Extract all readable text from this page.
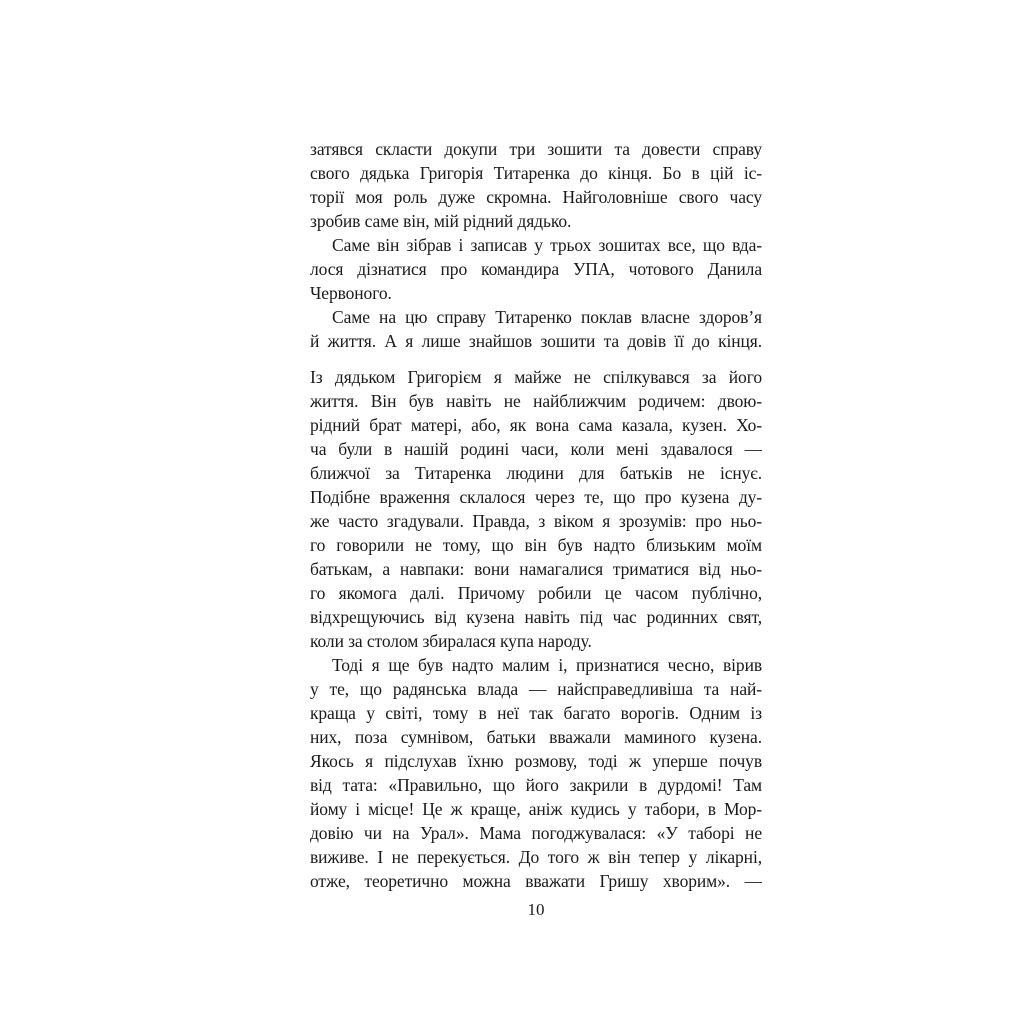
затявся скласти докупи три зошити та довести справу
свого дядька Григорія Титаренка до кінця. Бо в цій іс-
торії моя роль дуже скромна. Найголовніше свого часу
зробив саме він, мій рідний дядько.
Саме він зібрав і записав у трьох зошитах все, що вда-
лося дізнатися про командира УПА, чотового Данила
Червоного.
Саме на цю справу Титаренко поклав власне здоров’я
й життя. А я лише знайшов зошити та довів її до кінця.
Із дядьком Григорієм я майже не спілкувався за його
життя. Він був навіть не найближчим родичем: двою-
рідний брат матері, або, як вона сама казала, кузен. Хо-
ча були в нашій родині часи, коли мені здавалося —
ближчої за Титаренка людини для батьків не існує.
Подібне враження склалося через те, що про кузена ду-
же часто згадували. Правда, з віком я зрозумів: про ньо-
го говорили не тому, що він був надто близьким моїм
батькам, а навпаки: вони намагалися триматися від ньо-
го якомога далі. Причому робили це часом публічно,
відхрещуючись від кузена навіть під час родинних свят,
коли за столом збиралася купа народу.
Тоді я ще був надто малим і, признатися чесно, вірив
у те, що радянська влада — найсправедливіша та най-
краща у світі, тому в неї так багато ворогів. Одним із
них, поза сумнівом, батьки вважали маминого кузена.
Якось я підслухав їхню розмову, тоді ж уперше почув
від тата: «Правильно, що його закрили в дурдомі! Там
йому і місце! Це ж краще, аніж кудись у табори, в Мор-
довію чи на Урал». Мама погоджувалася: «У таборі не
виживе. І не перекується. До того ж він тепер у лікарні,
отже, теоретично можна вважати Гришу хворим». —
10
